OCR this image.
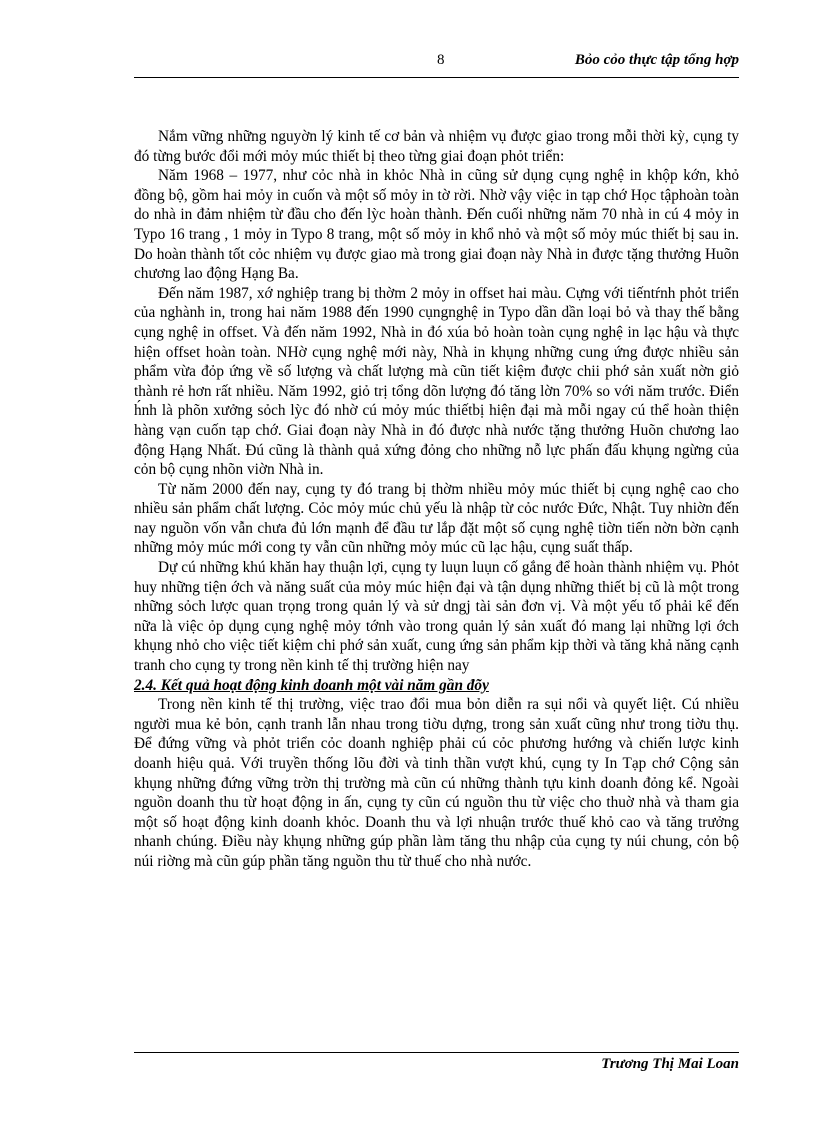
8	Bỏo cỏo thực tập tổng hợp

Nắm vững những nguyờn lý kinh tế cơ bản và nhiệm vụ được giao trong mỗi thời kỳ, cụng ty đó từng bước đổi mới mỏy múc thiết bị theo từng giai đoạn phỏt triển:

Năm 1968 – 1977, như cỏc nhà in khỏc Nhà in cũng sử dụng cụng nghệ in khộp kớn, khỏ đồng bộ, gồm hai mỏy in cuốn và một số mỏy in tờ rời. Nhờ vậy việc in tạp chớ Học tậphoàn toàn do nhà in đảm nhiệm từ đầu cho đến lỳc hoàn thành. Đến cuối những năm 70 nhà in cú 4 mỏy in Typo 16 trang , 1 mỏy in Typo 8 trang, một số mỏy in khổ nhỏ và một số mỏy múc thiết bị sau in. Do hoàn thành tốt cỏc nhiệm vụ được giao mà trong giai đoạn này Nhà in được tặng thưởng Huõn chương lao động Hạng Ba.

Đến năm 1987, xớ nghiệp trang bị thờm 2 mỏy in offset hai màu. Cựng với tiếntŕnh phỏt triển của nghành in, trong hai năm 1988 đến 1990 cụngnghệ in Typo dần dần loại bỏ và thay thế bằng cụng nghệ in offset. Và đến năm 1992, Nhà in đó xúa bỏ hoàn toàn cụng nghệ in lạc hậu và thực hiện offset hoàn toàn. NHờ cụng nghệ mới này, Nhà in khụng những cung ứng được nhiều sản phẩm vừa đỏp ứng về số lượng và chất lượng mà cũn tiết kiệm được chii phớ sản xuất nờn giỏ thành rẻ hơn rất nhiều. Năm 1992, giỏ trị tổng dõn lượng đó tăng lờn 70% so với năm trước. Điển h́nh là phõn xưởng sỏch lỳc đó nhờ cú mỏy múc thiếtbị hiện đại mà mỗi ngay cú thể hoàn thiện hàng vạn cuốn tạp chớ. Giai đoạn này Nhà in đó được nhà nước tặng thưởng Huõn chương lao động Hạng Nhất. Đú cũng là thành quả xứng đỏng cho những nỗ lực phấn đấu khụng ngừng của cỏn bộ cụng nhõn viờn Nhà in.

Từ năm 2000 đến nay, cụng ty đó trang bị thờm nhiều mỏy múc thiết bị cụng nghệ cao cho nhiều sản phẩm chất lượng. Cỏc mỏy múc chủ yếu là nhập từ cỏc nước Đức, Nhật. Tuy nhiờn đến nay nguồn vốn vẫn chưa đủ lớn mạnh để đầu tư lắp đặt một số cụng nghệ tiờn tiến nờn bờn cạnh những mỏy múc mới cong ty vẫn cũn những mỏy múc cũ lạc hậu, cụng suất thấp.

Dự cú những khú khăn hay thuận lợi, cụng ty luụn luụn cố gắng để hoàn thành nhiệm vụ. Phỏt huy những tiện ớch và năng suất của mỏy múc hiện đại và tận dụng những thiết bị cũ là một trong những sỏch lược quan trọng trong quản lý và sử dngj tài sản đơn vị. Và một yếu tố phải kể đến nữa là việc ỏp dụng cụng nghệ mỏy tớnh vào trong quản lý sản xuất đó mang lại những lợi ớch khụng nhỏ cho việc tiết kiệm chi phớ sản xuất, cung ứng sản phẩm kịp thời và tăng khả năng cạnh tranh cho cụng ty trong nền kinh tế thị trường hiện nay

2.4. Kết quả hoạt động kinh doanh một vài năm gần đõy

Trong nền kinh tế thị trường, việc trao đổi mua bỏn diễn ra sụi nổi và quyết liệt. Cú nhiều người mua kẻ bỏn, cạnh tranh lẫn nhau trong tiờu dựng, trong sản xuất cũng như trong tiờu thụ. Để đứng vững và phỏt triển cỏc doanh nghiệp phải cú cỏc phương hướng và chiến lược kinh doanh hiệu quả. Với truyền thống lõu đời và tinh thần vượt khú, cụng ty In Tạp chớ Cộng sản khụng những đứng vững trờn thị trường mà cũn cú những thành tựu kinh doanh đỏng kể. Ngoài nguồn doanh thu từ hoạt động in ấn, cụng ty cũn cú nguồn thu từ việc cho thuờ nhà và tham gia một số hoạt động kinh doanh khỏc. Doanh thu và lợi nhuận trước thuế khỏ cao và tăng trưởng nhanh chúng. Điều này khụng những gúp phần làm tăng thu nhập của cụng ty núi chung, cỏn bộ núi riờng mà cũn gúp phần tăng nguồn thu từ thuế cho nhà nước.

Trương Thị Mai Loan
